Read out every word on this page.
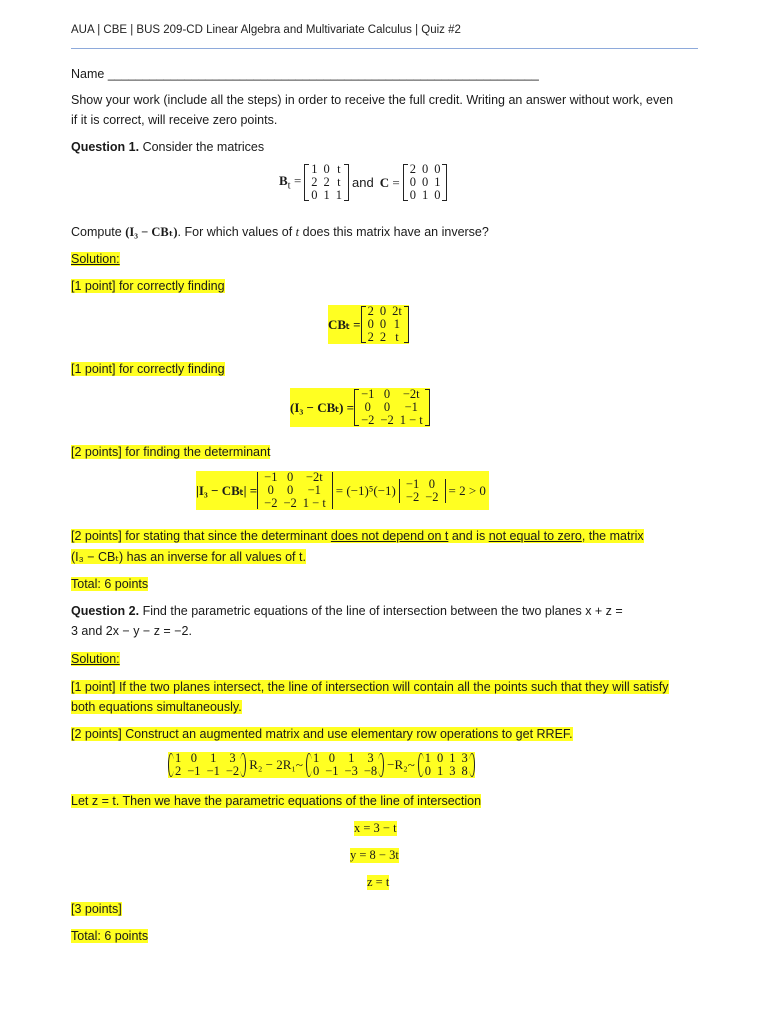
AUA | CBE | BUS 209-CD Linear Algebra and Multivariate Calculus | Quiz #2
Name ______________________________________________________________
Show your work (include all the steps) in order to receive the full credit. Writing an answer without work, even
if it is correct, will receive zero points.
Question 1. Consider the matrices
$B_t$ =
1	0	t
2	2	t
0	1	1
and C =
2	0	0
0	0	1
0	1	0
Compute (I₃ − CBₜ). For which values of t does this matrix have an inverse?
Solution:
[1 point] for correctly finding
CBₜ =
2	0	2t
0	0	1
2	2	t
[1 point] for correctly finding
(I₃ − CBₜ) =
−1	0	−2t
0	0	−1
−2	−2	1 − t
[2 points] for finding the determinant
|I₃ − CBₜ| =
−1	0	−2t
0	0	−1
−2	−2	1 − t
= (−1)⁵(−1) −1	0
−2	−2 = 2 > 0
[2 points] for stating that since the determinant does not depend on t and is not equal to zero, the matrix
(I₃ − CBₜ) has an inverse for all values of t.
Total: 6 points
Question 2. Find the parametric equations of the line of intersection between the two planes x + z =
3 and 2x − y − z = −2.
Solution:
[1 point] If the two planes intersect, the line of intersection will contain all the points such that they will satisfy
both equations simultaneously.
[2 points] Construct an augmented matrix and use elementary row operations to get RREF.
1	0	1	3
2	−1	−1	−2 R₂ − 2R₁~ 1	0	1	3
0	−1	−3	−8 −R₂~ 1	0	1	3
0	1	3	8
Let z = t. Then we have the parametric equations of the line of intersection
x = 3 − t
y = 8 − 3t
z = t
[3 points]
Total: 6 points
